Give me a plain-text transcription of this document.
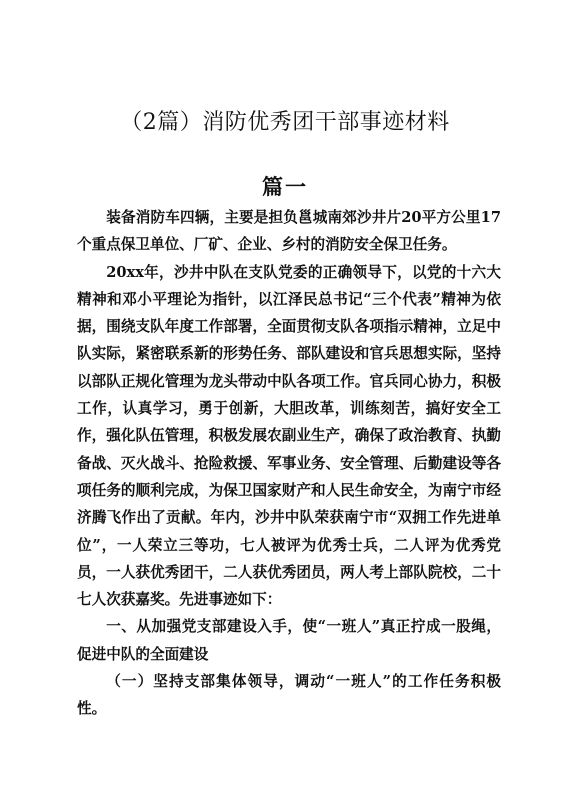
（2篇）消防优秀团干部事迹材料
篇一

装备消防车四辆，主要是担负邕城南郊沙井片20平方公里17个重点保卫单位、厂矿、企业、乡村的消防安全保卫任务。

20xx年，沙井中队在支队党委的正确领导下，以党的十六大精神和邓小平理论为指针，以江泽民总书记“三个代表”精神为依据，围绕支队年度工作部署，全面贯彻支队各项指示精神，立足中队实际，紧密联系新的形势任务、部队建设和官兵思想实际，坚持以部队正规化管理为龙头带动中队各项工作。官兵同心协力，积极工作，认真学习，勇于创新，大胆改革，训练刻苦，搞好安全工作，强化队伍管理，积极发展农副业生产，确保了政治教育、执勤备战、灭火战斗、抢险救援、军事业务、安全管理、后勤建设等各项任务的顺利完成，为保卫国家财产和人民生命安全，为南宁市经济腾飞作出了贡献。年内，沙井中队荣获南宁市“双拥工作先进单位”，一人荣立三等功，七人被评为优秀士兵，二人评为优秀党员，一人获优秀团干，二人获优秀团员，两人考上部队院校，二十七人次获嘉奖。先进事迹如下：

一、从加强党支部建设入手，使“一班人”真正拧成一股绳，促进中队的全面建设

（一）坚持支部集体领导，调动“一班人”的工作任务积极性。
